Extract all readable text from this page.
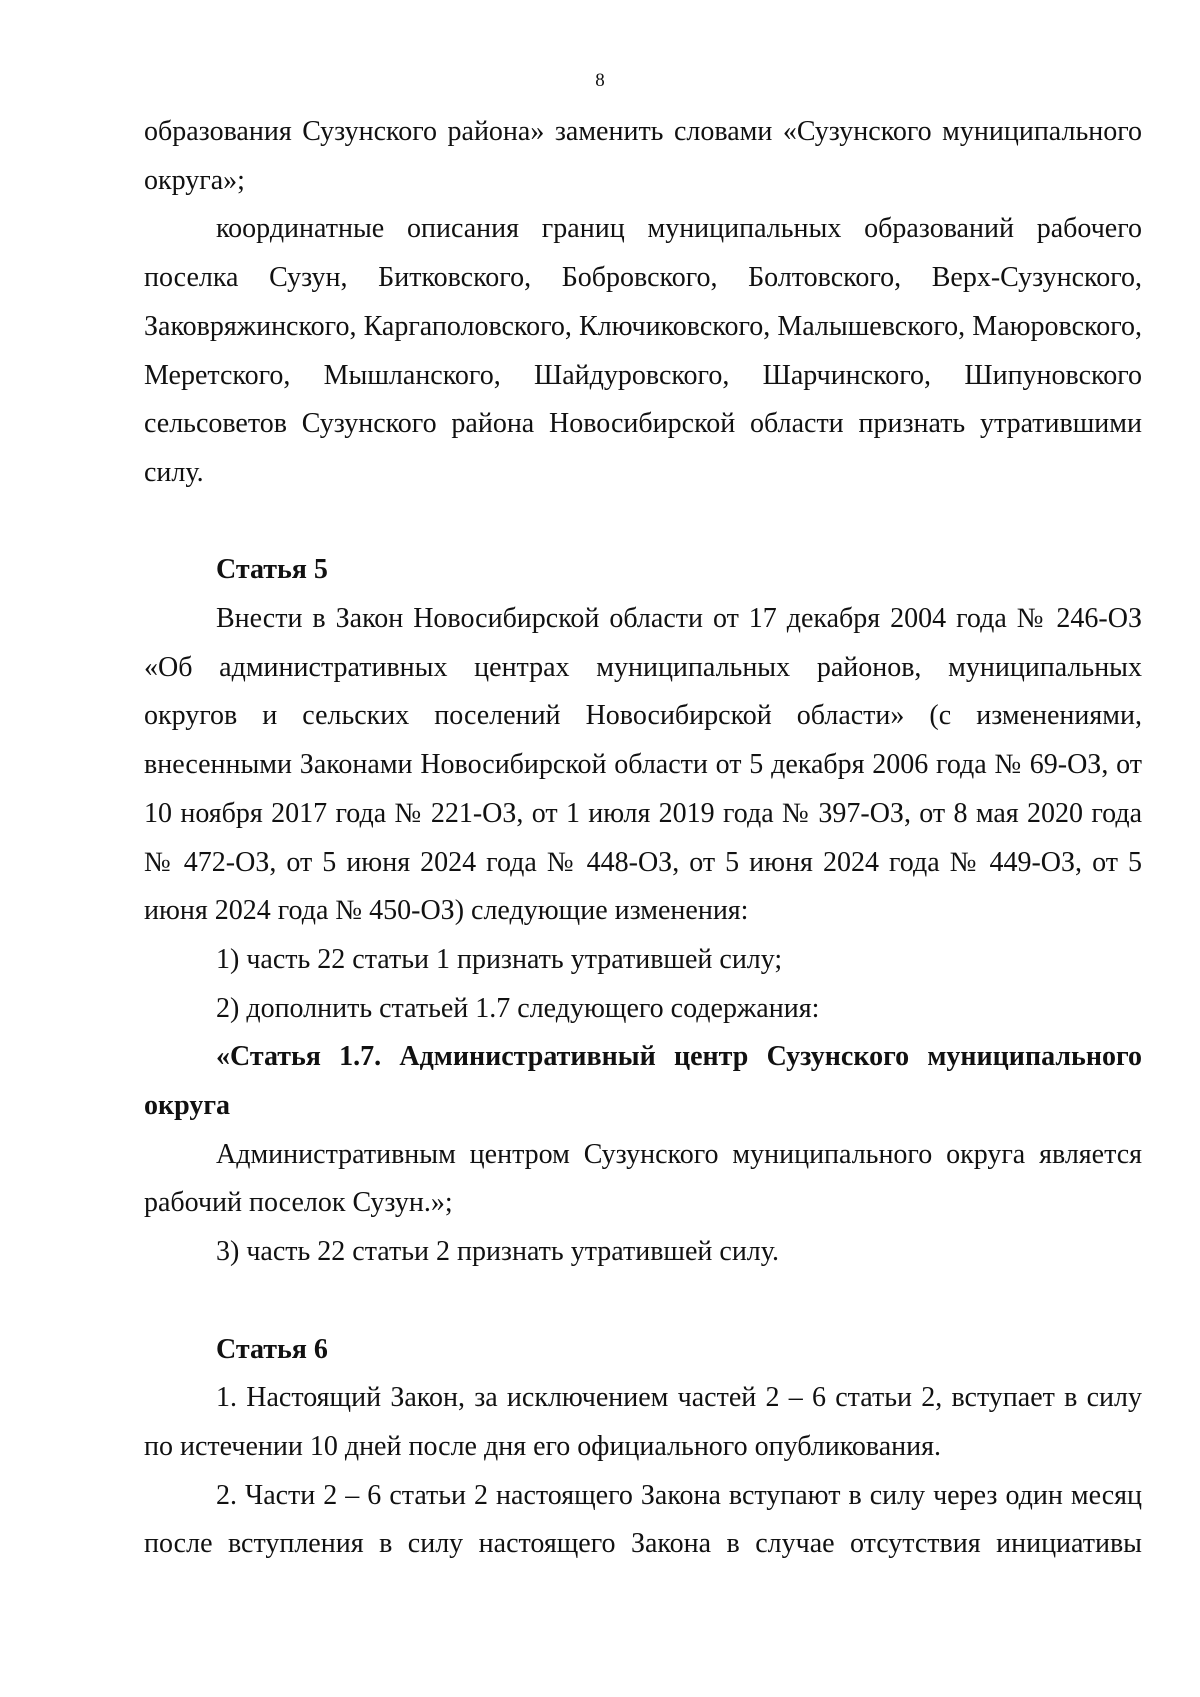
8

образования Сузунского района» заменить словами «Сузунского муниципального округа»;

координатные описания границ муниципальных образований рабочего поселка Сузун, Битковского, Бобровского, Болтовского, Верх-Сузунского, Заковряжинского, Каргаполовского, Ключиковского, Малышевского, Маюровского, Меретского, Мышланского, Шайдуровского, Шарчинского, Шипуновского сельсоветов Сузунского района Новосибирской области признать утратившими силу.

Статья 5

Внести в Закон Новосибирской области от 17 декабря 2004 года № 246-ОЗ «Об административных центрах муниципальных районов, муниципальных округов и сельских поселений Новосибирской области» (с изменениями, внесенными Законами Новосибирской области от 5 декабря 2006 года № 69-ОЗ, от 10 ноября 2017 года № 221-ОЗ, от 1 июля 2019 года № 397-ОЗ, от 8 мая 2020 года № 472-ОЗ, от 5 июня 2024 года № 448-ОЗ, от 5 июня 2024 года № 449-ОЗ, от 5 июня 2024 года № 450-ОЗ) следующие изменения:

1) часть 22 статьи 1 признать утратившей силу;

2) дополнить статьей 1.7 следующего содержания:

«Статья 1.7. Административный центр Сузунского муниципального округа

Административным центром Сузунского муниципального округа является рабочий поселок Сузун.»;

3) часть 22 статьи 2 признать утратившей силу.

Статья 6

1. Настоящий Закон, за исключением частей 2 – 6 статьи 2, вступает в силу по истечении 10 дней после дня его официального опубликования.

2. Части 2 – 6 статьи 2 настоящего Закона вступают в силу через один месяц после вступления в силу настоящего Закона в случае отсутствия инициативы
